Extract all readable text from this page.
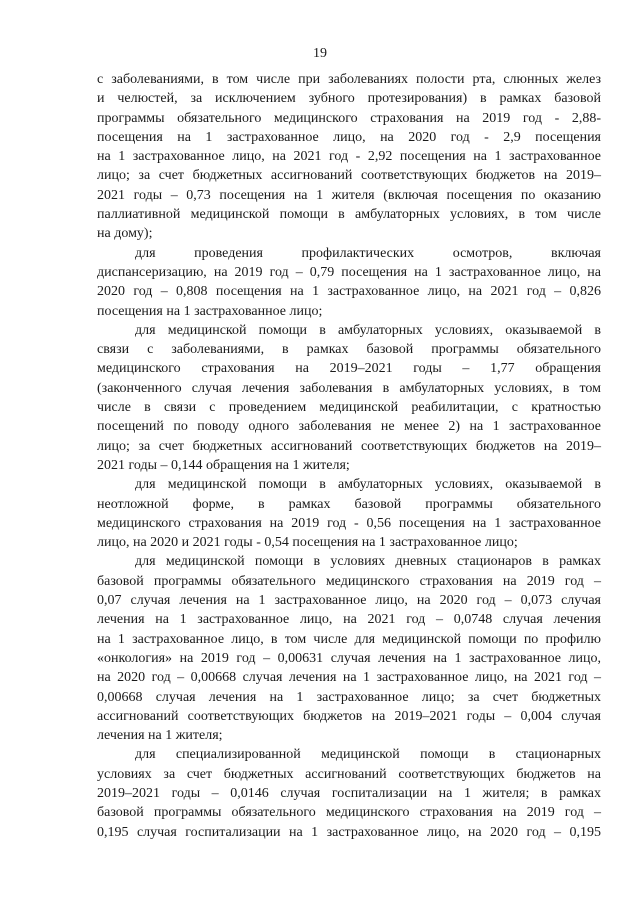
19

с заболеваниями, в том числе при заболеваниях полости рта, слюнных желез
и челюстей, за исключением зубного протезирования) в рамках базовой
программы обязательного медицинского страхования на 2019 год - 2,88-
посещения на 1 застрахованное лицо, на 2020 год - 2,9 посещения
на 1 застрахованное лицо, на 2021 год - 2,92 посещения на 1 застрахованное
лицо; за счет бюджетных ассигнований соответствующих бюджетов на 2019–
2021 годы – 0,73 посещения на 1 жителя (включая посещения по оказанию
паллиативной медицинской помощи в амбулаторных условиях, в том числе
на дому);

для проведения профилактических осмотров, включая
диспансеризацию, на 2019 год – 0,79 посещения на 1 застрахованное лицо, на
2020 год – 0,808 посещения на 1 застрахованное лицо, на 2021 год – 0,826
посещения на 1 застрахованное лицо;

для медицинской помощи в амбулаторных условиях, оказываемой в
связи с заболеваниями, в рамках базовой программы обязательного
медицинского страхования на 2019–2021 годы – 1,77 обращения
(законченного случая лечения заболевания в амбулаторных условиях, в том
числе в связи с проведением медицинской реабилитации, с кратностью
посещений по поводу одного заболевания не менее 2) на 1 застрахованное
лицо; за счет бюджетных ассигнований соответствующих бюджетов на 2019–
2021 годы – 0,144 обращения на 1 жителя;

для медицинской помощи в амбулаторных условиях, оказываемой в
неотложной форме, в рамках базовой программы обязательного
медицинского страхования на 2019 год - 0,56 посещения на 1 застрахованное
лицо, на 2020 и 2021 годы - 0,54 посещения на 1 застрахованное лицо;

для медицинской помощи в условиях дневных стационаров в рамках
базовой программы обязательного медицинского страхования на 2019 год –
0,07 случая лечения на 1 застрахованное лицо, на 2020 год – 0,073 случая
лечения на 1 застрахованное лицо, на 2021 год – 0,0748 случая лечения
на 1 застрахованное лицо, в том числе для медицинской помощи по профилю
«онкология» на 2019 год – 0,00631 случая лечения на 1 застрахованное лицо,
на 2020 год – 0,00668 случая лечения на 1 застрахованное лицо, на 2021 год –
0,00668 случая лечения на 1 застрахованное лицо; за счет бюджетных
ассигнований соответствующих бюджетов на 2019–2021 годы – 0,004 случая
лечения на 1 жителя;

для специализированной медицинской помощи в стационарных
условиях за счет бюджетных ассигнований соответствующих бюджетов на
2019–2021 годы – 0,0146 случая госпитализации на 1 жителя; в рамках
базовой программы обязательного медицинского страхования на 2019 год –
0,195 случая госпитализации на 1 застрахованное лицо, на 2020 год – 0,195
